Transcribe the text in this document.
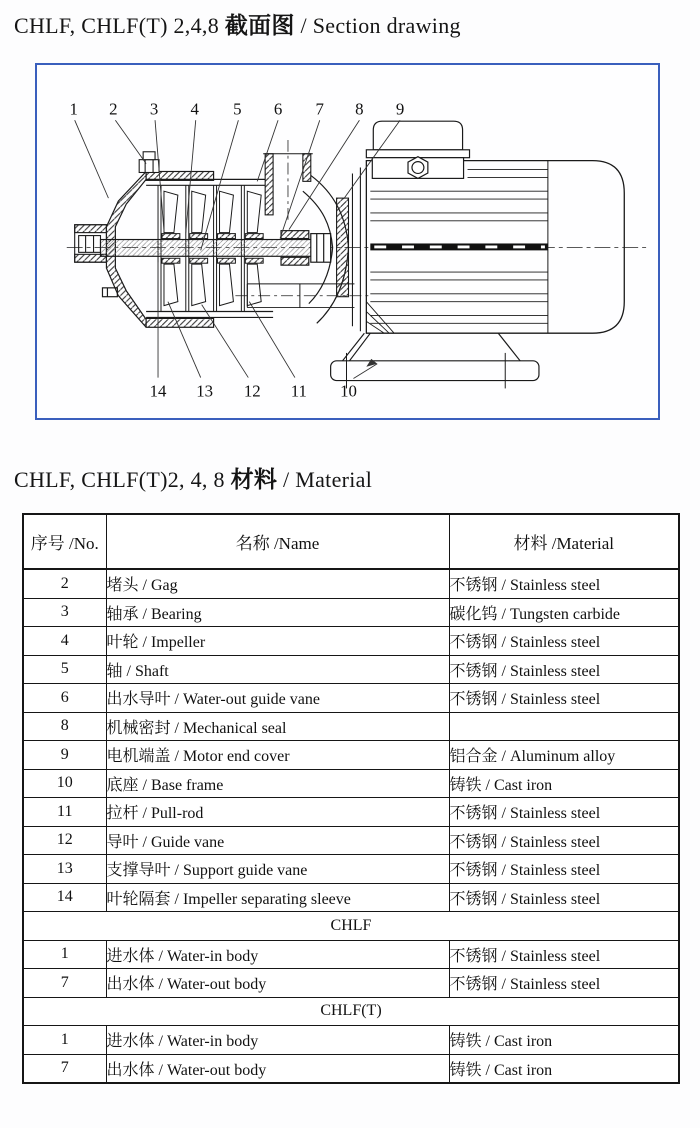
CHLF, CHLF(T) 2,4,8 截面图 / Section drawing
1 2 3 4 5 6 7 8 9
14 13 12 11 10
CHLF, CHLF(T)2, 4, 8 材料 / Material
序号 /No.	名称 /Name	材料 /Material
2	堵头 / Gag	不锈钢 / Stainless steel
3	轴承 / Bearing	碳化钨 / Tungsten carbide
4	叶轮 / Impeller	不锈钢 / Stainless steel
5	轴 / Shaft	不锈钢 / Stainless steel
6	出水导叶 / Water-out guide vane	不锈钢 / Stainless steel
8	机械密封 / Mechanical seal	
9	电机端盖 / Motor end cover	铝合金 / Aluminum alloy
10	底座 / Base frame	铸铁 / Cast iron
11	拉杆 / Pull-rod	不锈钢 / Stainless steel
12	导叶 / Guide vane	不锈钢 / Stainless steel
13	支撑导叶 / Support guide vane	不锈钢 / Stainless steel
14	叶轮隔套 / Impeller separating sleeve	不锈钢 / Stainless steel
CHLF		
1	进水体 / Water-in body	不锈钢 / Stainless steel
7	出水体 / Water-out body	不锈钢 / Stainless steel
CHLF(T)		
1	进水体 / Water-in body	铸铁 / Cast iron
7	出水体 / Water-out body	铸铁 / Cast iron
